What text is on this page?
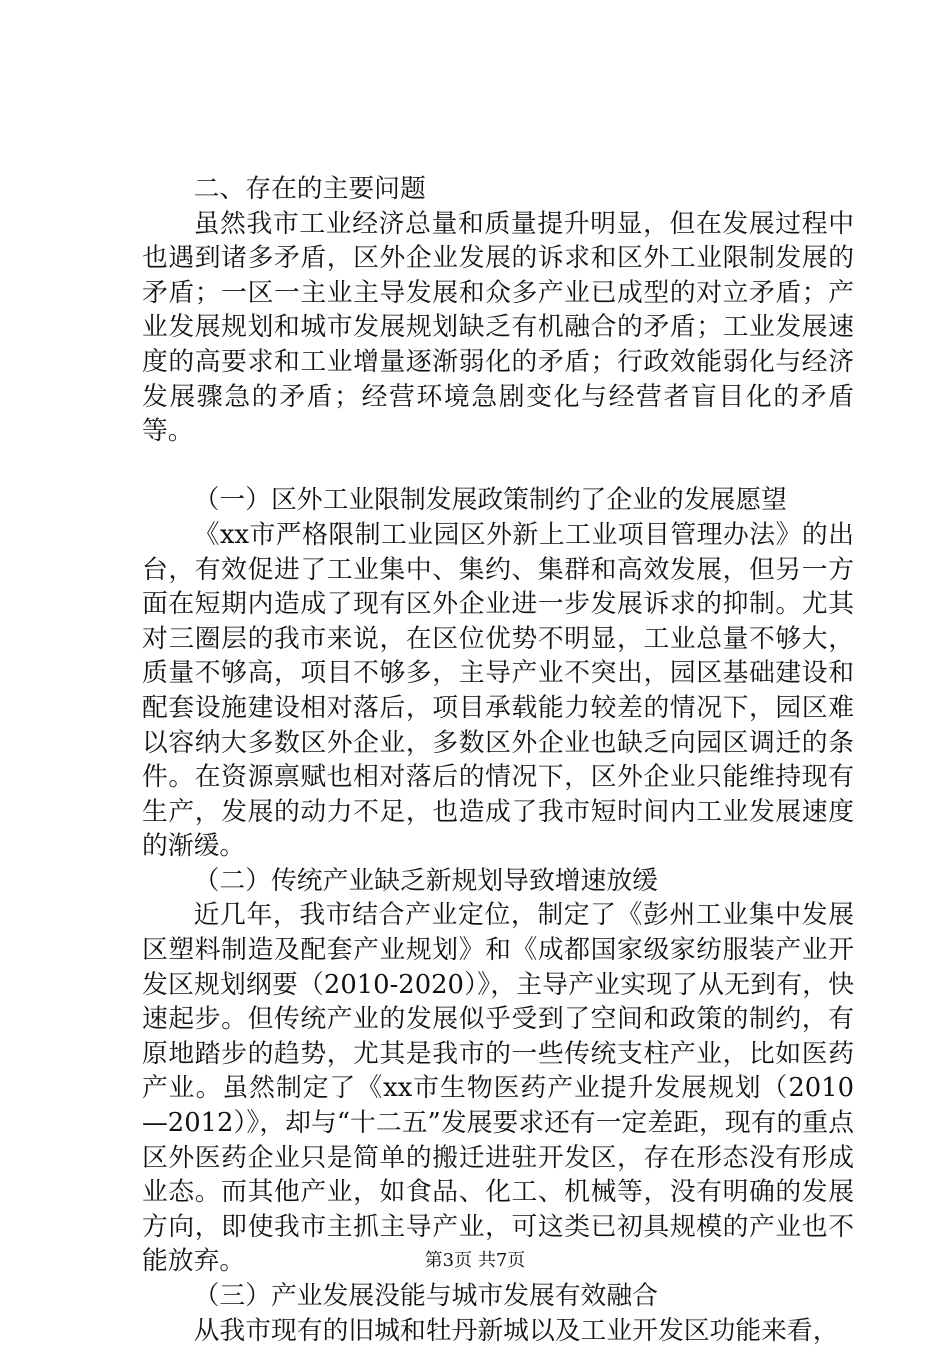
二、存在的主要问题

虽然我市工业经济总量和质量提升明显，但在发展过程中也遇到诸多矛盾，区外企业发展的诉求和区外工业限制发展的矛盾；一区一主业主导发展和众多产业已成型的对立矛盾；产业发展规划和城市发展规划缺乏有机融合的矛盾；工业发展速度的高要求和工业增量逐渐弱化的矛盾；行政效能弱化与经济发展骤急的矛盾；经营环境急剧变化与经营者盲目化的矛盾等。

（一）区外工业限制发展政策制约了企业的发展愿望

《xx市严格限制工业园区外新上工业项目管理办法》的出台，有效促进了工业集中、集约、集群和高效发展，但另一方面在短期内造成了现有区外企业进一步发展诉求的抑制。尤其对三圈层的我市来说，在区位优势不明显，工业总量不够大，质量不够高，项目不够多，主导产业不突出，园区基础建设和配套设施建设相对落后，项目承载能力较差的情况下，园区难以容纳大多数区外企业，多数区外企业也缺乏向园区调迁的条件。在资源禀赋也相对落后的情况下，区外企业只能维持现有生产，发展的动力不足，也造成了我市短时间内工业发展速度的渐缓。

（二）传统产业缺乏新规划导致增速放缓

近几年，我市结合产业定位，制定了《彭州工业集中发展区塑料制造及配套产业规划》和《成都国家级家纺服装产业开发区规划纲要（2010-2020）》，主导产业实现了从无到有，快速起步。但传统产业的发展似乎受到了空间和政策的制约，有原地踏步的趋势，尤其是我市的一些传统支柱产业，比如医药产业。虽然制定了《xx市生物医药产业提升发展规划（2010—2012）》，却与“十二五”发展要求还有一定差距，现有的重点区外医药企业只是简单的搬迁进驻开发区，存在形态没有形成业态。而其他产业，如食品、化工、机械等，没有明确的发展方向，即使我市主抓主导产业，可这类已初具规模的产业也不能放弃。

（三）产业发展没能与城市发展有效融合

从我市现有的旧城和牡丹新城以及工业开发区功能来看，

第3页 共7页
